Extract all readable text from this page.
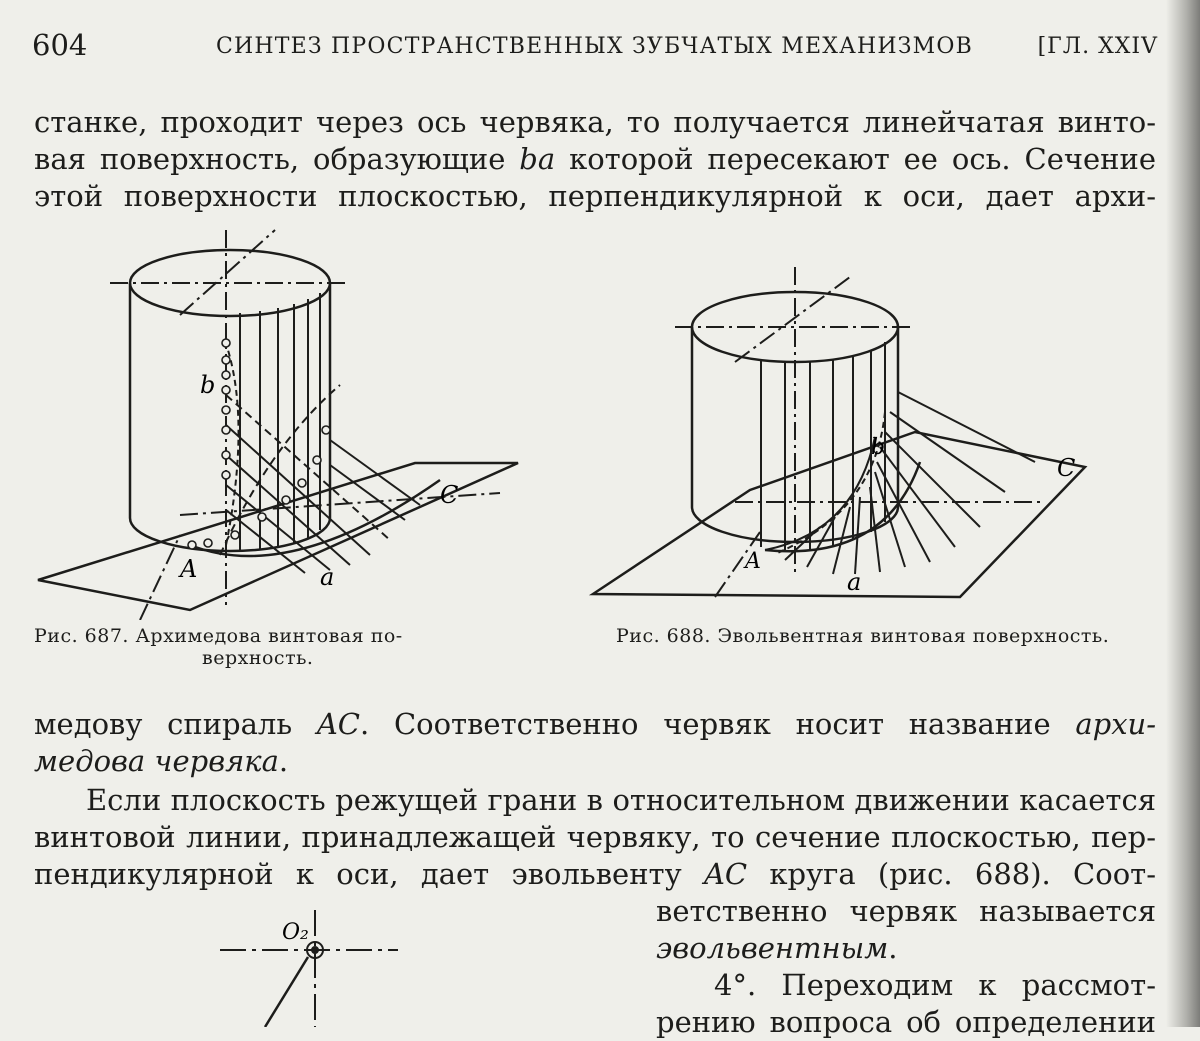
604	СИНТЕЗ ПРОСТРАНСТВЕННЫХ ЗУБЧАТЫХ МЕХАНИЗМОВ	[ГЛ. XXIV

станке, проходит через ось червяка, то получается линейчатая винто-
вая поверхность, образующие ba которой пересекают ее ось. Сечение
этой поверхности плоскостью, перпендикулярной к оси, дает архи-

b
C
a
A
b
C
a
A
Рис. 687. Архимедова винтовая по-
верхность.
Рис. 688. Эвольвентная винтовая поверхность.

медову спираль AC. Соответственно червяк носит название архи-
медова червяка.

Если плоскость режущей грани в относительном движении касается
винтовой линии, принадлежащей червяку, то сечение плоскостью, пер-
пендикулярной к оси, дает эвольвенту AC круга (рис. 688). Соот-

ветственно червяк называется
эвольвентным.

4°. Переходим к рассмот-
рению вопроса об определении

O₂
